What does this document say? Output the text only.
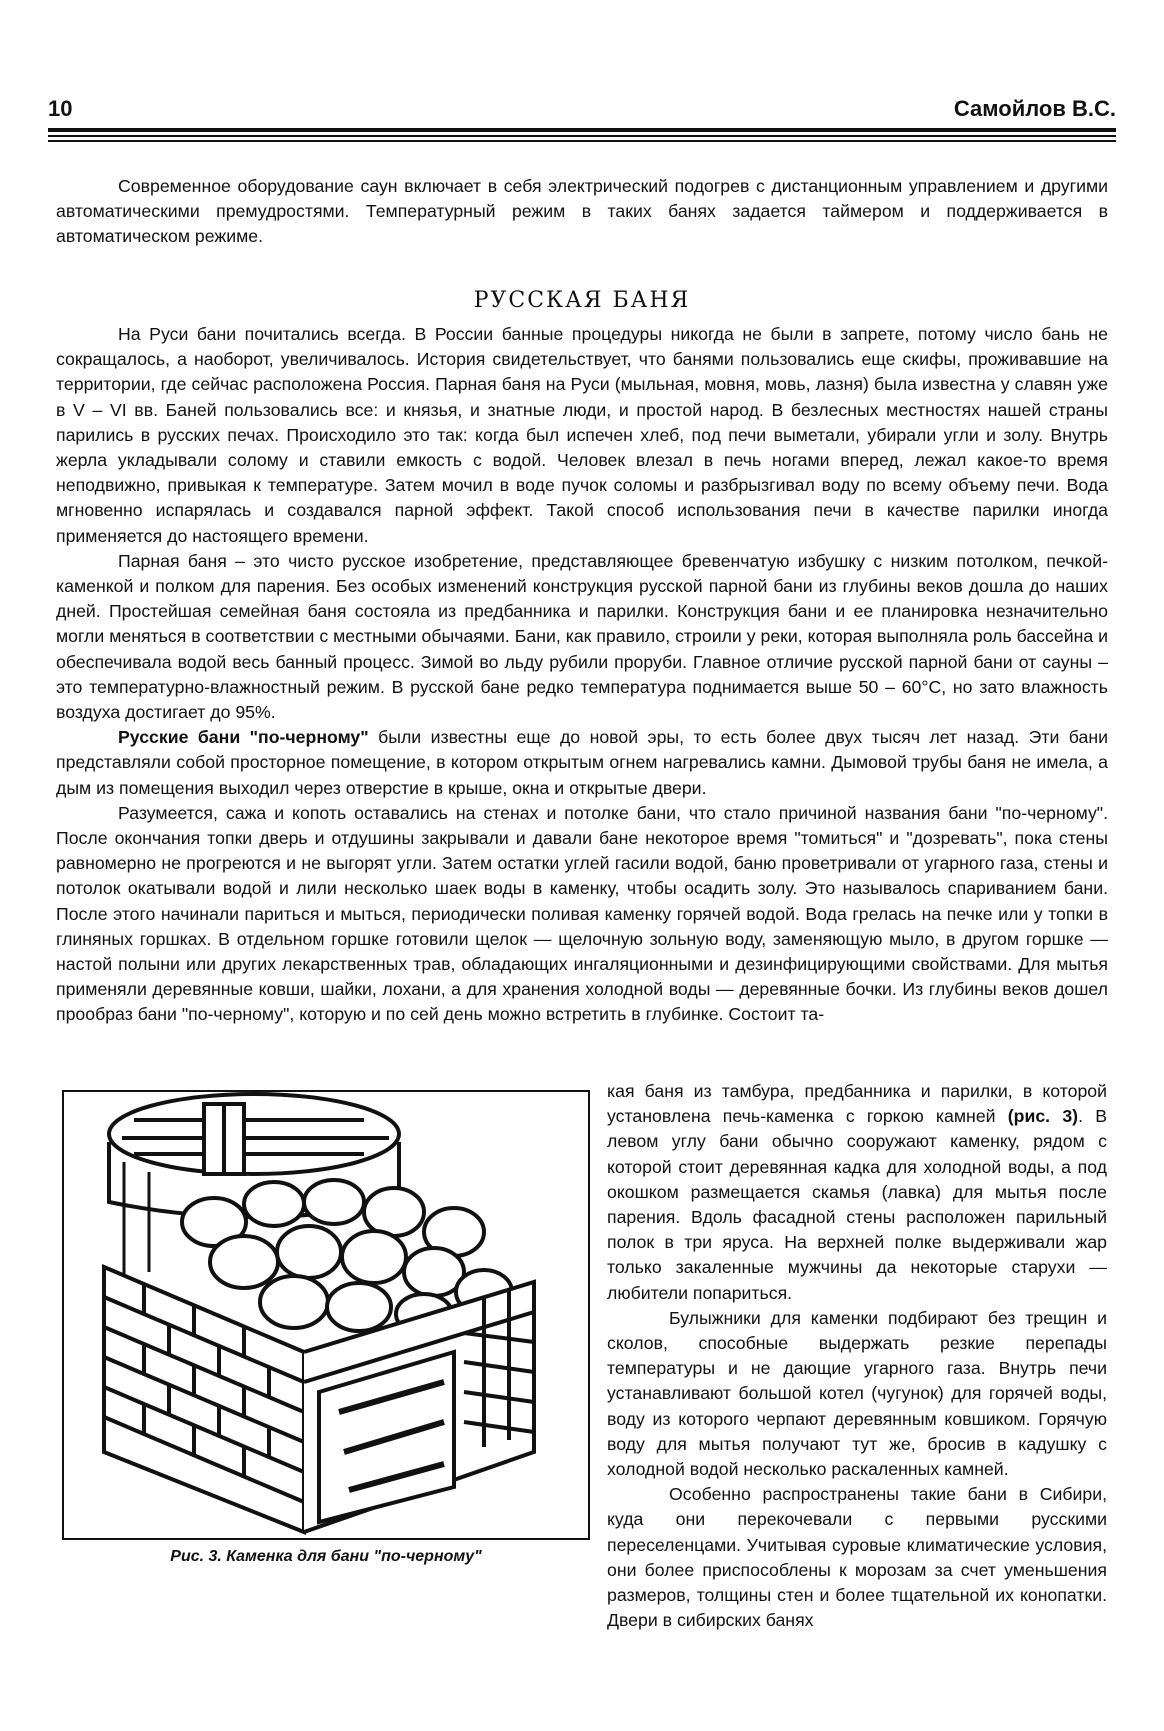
10	Самойлов В.С.

Современное оборудование саун включает в себя электрический подогрев с дистанционным управлением и другими автоматическими премудростями. Температурный режим в таких банях задается таймером и поддерживается в автоматическом режиме.

РУССКАЯ БАНЯ

На Руси бани почитались всегда. В России банные процедуры никогда не были в запрете, потому число бань не сокращалось, а наоборот, увеличивалось. История свидетельствует, что банями пользовались еще скифы, проживавшие на территории, где сейчас расположена Россия. Парная баня на Руси (мыльная, мовня, мовь, лазня) была известна у славян уже в V – VI вв. Баней пользовались все: и князья, и знатные люди, и простой народ. В безлесных местностях нашей страны парились в русских печах. Происходило это так: когда был испечен хлеб, под печи выметали, убирали угли и золу. Внутрь жерла укладывали солому и ставили емкость с водой. Человек влезал в печь ногами вперед, лежал какое-то время неподвижно, привыкая к температуре. Затем мочил в воде пучок соломы и разбрызгивал воду по всему объему печи. Вода мгновенно испарялась и создавался парной эффект. Такой способ использования печи в качестве парилки иногда применяется до настоящего времени.

Парная баня – это чисто русское изобретение, представляющее бревенчатую избушку с низким потолком, печкой-каменкой и полком для парения. Без особых изменений конструкция русской парной бани из глубины веков дошла до наших дней. Простейшая семейная баня состояла из предбанника и парилки. Конструкция бани и ее планировка незначительно могли меняться в соответствии с местными обычаями. Бани, как правило, строили у реки, которая выполняла роль бассейна и обеспечивала водой весь банный процесс. Зимой во льду рубили проруби. Главное отличие русской парной бани от сауны – это температурно-влажностный режим. В русской бане редко температура поднимается выше 50 – 60°С, но зато влажность воздуха достигает до 95%.

Русские бани "по-черному" были известны еще до новой эры, то есть более двух тысяч лет назад. Эти бани представляли собой просторное помещение, в котором открытым огнем нагревались камни. Дымовой трубы баня не имела, а дым из помещения выходил через отверстие в крыше, окна и открытые двери.

Разумеется, сажа и копоть оставались на стенах и потолке бани, что стало причиной названия бани "по-черному". После окончания топки дверь и отдушины закрывали и давали бане некоторое время "томиться" и "дозревать", пока стены равномерно не прогреются и не выгорят угли. Затем остатки углей гасили водой, баню проветривали от угарного газа, стены и потолок окатывали водой и лили несколько шаек воды в каменку, чтобы осадить золу. Это называлось спариванием бани. После этого начинали париться и мыться, периодически поливая каменку горячей водой. Вода грелась на печке или у топки в глиняных горшках. В отдельном горшке готовили щелок — щелочную зольную воду, заменяющую мыло, в другом горшке — настой полыни или других лекарственных трав, обладающих ингаляционными и дезинфицирующими свойствами. Для мытья применяли деревянные ковши, шайки, лохани, а для хранения холодной воды — деревянные бочки. Из глубины веков дошел прообраз бани "по-черному", которую и по сей день можно встретить в глубинке. Состоит та-

Рис. 3. Каменка для бани "по-черному"

кая баня из тамбура, предбанника и парилки, в которой установлена печь-каменка с горкою камней (рис. 3). В левом углу бани обычно сооружают каменку, рядом с которой стоит деревянная кадка для холодной воды, а под окошком размещается скамья (лавка) для мытья после парения. Вдоль фасадной стены расположен парильный полок в три яруса. На верхней полке выдерживали жар только закаленные мужчины да некоторые старухи — любители попариться.

Булыжники для каменки подбирают без трещин и сколов, способные выдержать резкие перепады температуры и не дающие угарного газа. Внутрь печи устанавливают большой котел (чугунок) для горячей воды, воду из которого черпают деревянным ковшиком. Горячую воду для мытья получают тут же, бросив в кадушку с холодной водой несколько раскаленных камней.

Особенно распространены такие бани в Сибири, куда они перекочевали с первыми русскими переселенцами. Учитывая суровые климатические условия, они более приспособлены к морозам за счет уменьшения размеров, толщины стен и более тщательной их конопатки. Двери в сибирских банях
